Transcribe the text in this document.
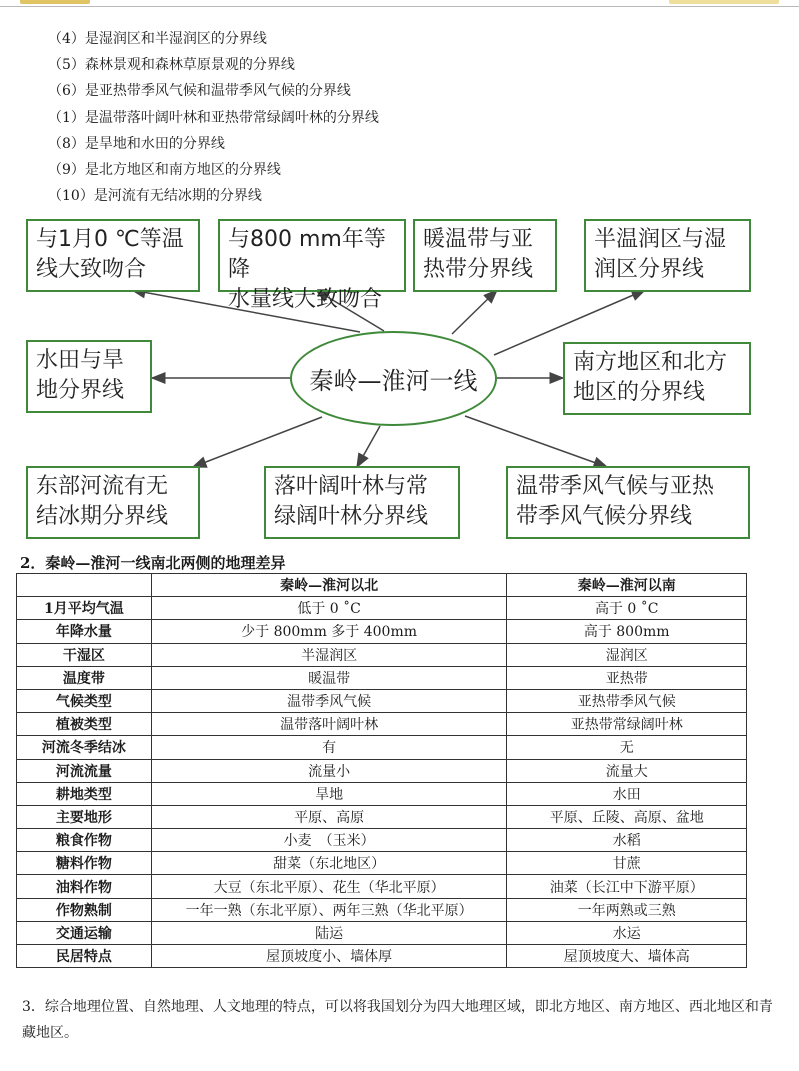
（4）是湿润区和半湿润区的分界线
（5）森林景观和森林草原景观的分界线
（6）是亚热带季风气候和温带季风气候的分界线
（1）是温带落叶阔叶林和亚热带常绿阔叶林的分界线
（8）是旱地和水田的分界线
（9）是北方地区和南方地区的分界线
（10）是河流有无结冰期的分界线
与1月0 ℃等温
线大致吻合
与800 mm年等降
水量线大致吻合
暖温带与亚
热带分界线
半温润区与湿
润区分界线
水田与旱
地分界线	秦岭—淮河一线
南方地区和北方
地区的分界线
东部河流有无
结冰期分界线
落叶阔叶林与常
绿阔叶林分界线
温带季风气候与亚热
带季风气候分界线
2．秦岭—淮河一线南北两侧的地理差异
	秦岭—淮河以北	秦岭—淮河以南
1月平均气温	低于 0 ˚C	高于 0 ˚C
年降水量	少于 800mm 多于 400mm	高于 800mm
干湿区	半湿润区	湿润区
温度带	暖温带	亚热带
气候类型	温带季风气候	亚热带季风气候
植被类型	温带落叶阔叶林	亚热带常绿阔叶林
河流冬季结冰	有	无
河流流量	流量小	流量大
耕地类型	旱地	水田
主要地形	平原、高原	平原、丘陵、高原、盆地
粮食作物	小麦　（玉米）	水稻
糖料作物	甜菜（东北地区）	甘蔗
油料作物	大豆（东北平原）、花生（华北平原）	油菜（长江中下游平原）
作物熟制	一年一熟（东北平原）、两年三熟（华北平原）	一年两熟或三熟
交通运输	陆运	水运
民居特点	屋顶坡度小、墙体厚	屋顶坡度大、墙体高
3．综合地理位置、自然地理、人文地理的特点，可以将我国划分为四大地理区域，即北方地区、南方地区、西北地区和青藏地区。
